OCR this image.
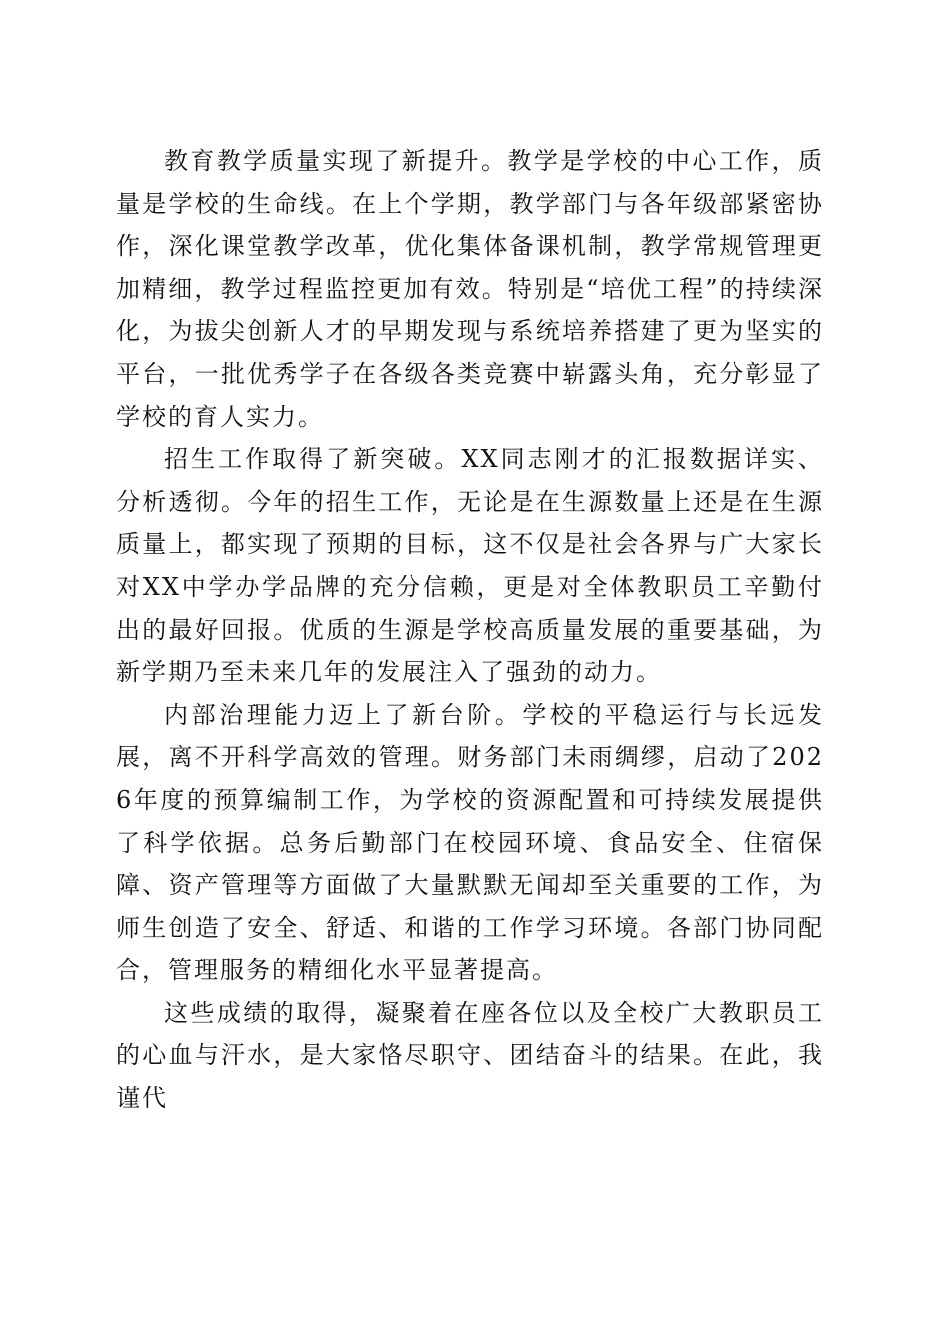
教育教学质量实现了新提升。教学是学校的中心工作，质量是学校的生命线。在上个学期，教学部门与各年级部紧密协作，深化课堂教学改革，优化集体备课机制，教学常规管理更加精细，教学过程监控更加有效。特别是“培优工程”的持续深化，为拔尖创新人才的早期发现与系统培养搭建了更为坚实的平台，一批优秀学子在各级各类竞赛中崭露头角，充分彰显了学校的育人实力。

招生工作取得了新突破。XX同志刚才的汇报数据详实、分析透彻。今年的招生工作，无论是在生源数量上还是在生源质量上，都实现了预期的目标，这不仅是社会各界与广大家长对XX中学办学品牌的充分信赖，更是对全体教职员工辛勤付出的最好回报。优质的生源是学校高质量发展的重要基础，为新学期乃至未来几年的发展注入了强劲的动力。

内部治理能力迈上了新台阶。学校的平稳运行与长远发展，离不开科学高效的管理。财务部门未雨绸缪，启动了2026年度的预算编制工作，为学校的资源配置和可持续发展提供了科学依据。总务后勤部门在校园环境、食品安全、住宿保障、资产管理等方面做了大量默默无闻却至关重要的工作，为师生创造了安全、舒适、和谐的工作学习环境。各部门协同配合，管理服务的精细化水平显著提高。

这些成绩的取得，凝聚着在座各位以及全校广大教职员工的心血与汗水，是大家恪尽职守、团结奋斗的结果。在此，我谨代
